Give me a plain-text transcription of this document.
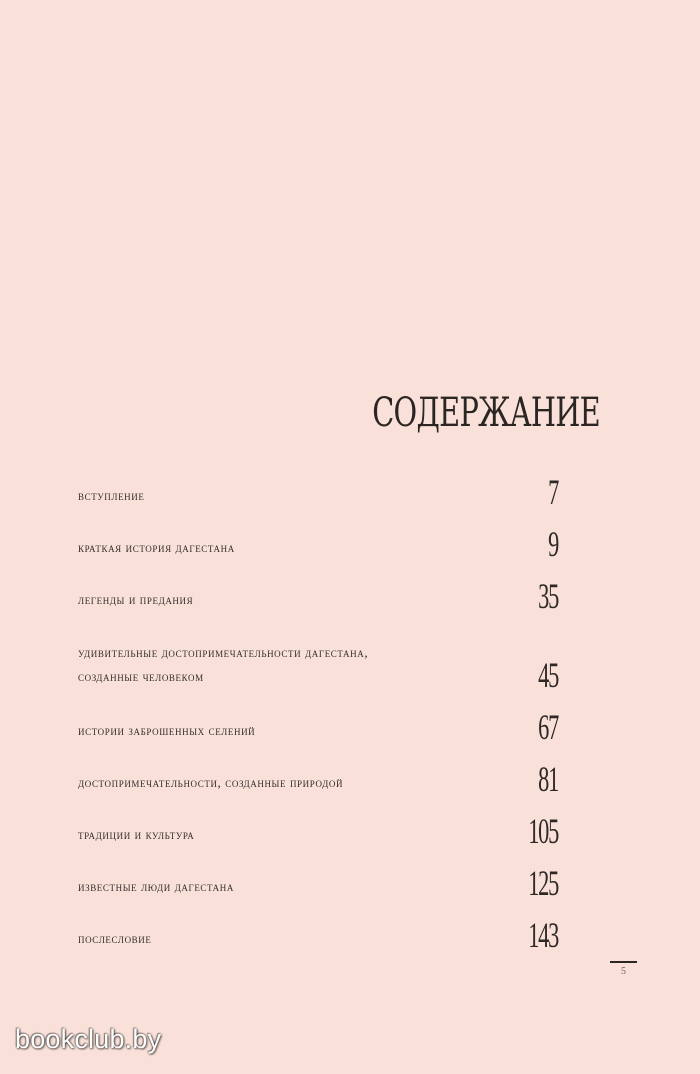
СОДЕРЖАНИЕ
вступление	7
краткая история дагестана	9
легенды и предания	35
удивительные достопримечательности дагестана,
созданные человеком	45
истории заброшенных селений	67
достопримечательности, созданные природой	81
традиции и культура	105
известные люди дагестана	125
послесловие	143
5
bookclub.by
